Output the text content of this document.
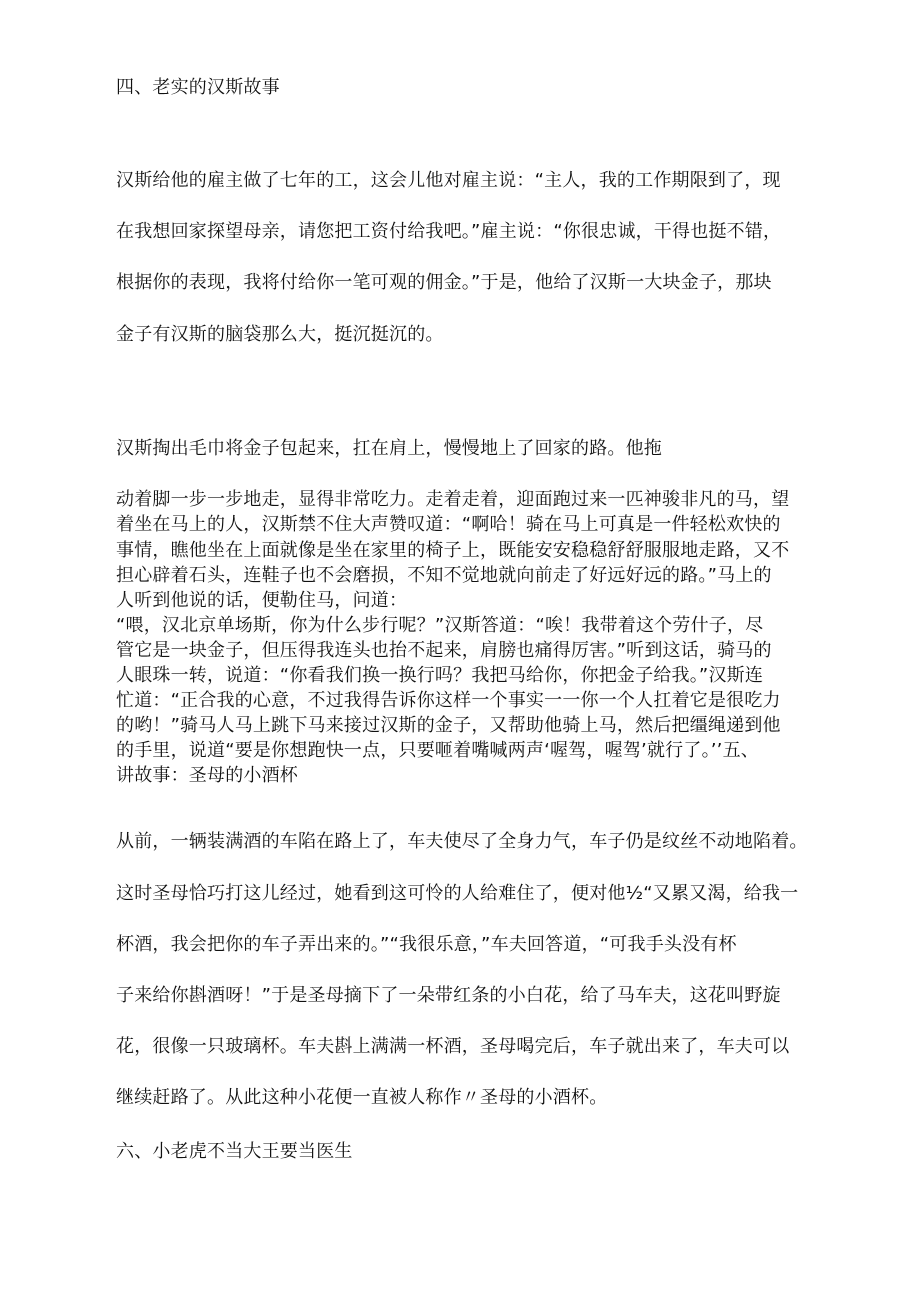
四、老实的汉斯故事
汉斯给他的雇主做了七年的工，这会儿他对雇主说：“主人，我的工作期限到了，现
在我想回家探望母亲，请您把工资付给我吧。”雇主说：“你很忠诚，干得也挺不错，
根据你的表现，我将付给你一笔可观的佣金。”于是，他给了汉斯一大块金子，那块
金子有汉斯的脑袋那么大，挺沉挺沉的。
汉斯掏出毛巾将金子包起来，扛在肩上，慢慢地上了回家的路。他拖
动着脚一步一步地走，显得非常吃力。走着走着，迎面跑过来一匹神骏非凡的马，望
着坐在马上的人，汉斯禁不住大声赞叹道：“啊哈！骑在马上可真是一件轻松欢快的
事情，瞧他坐在上面就像是坐在家里的椅子上，既能安安稳稳舒舒服服地走路，又不
担心辟着石头，连鞋子也不会磨损，不知不觉地就向前走了好远好远的路。”马上的
人听到他说的话，便勒住马，问道：
“喂，汉北京单场斯，你为什么步行呢？”汉斯答道：“唉！我带着这个劳什子，尽
管它是一块金子，但压得我连头也抬不起来，肩膀也痛得厉害。”听到这话，骑马的
人眼珠一转，说道：“你看我们换一换行吗？我把马给你，你把金子给我。”汉斯连
忙道：“正合我的心意，不过我得告诉你这样一个事实一一你一个人扛着它是很吃力
的哟！”骑马人马上跳下马来接过汉斯的金子，又帮助他骑上马，然后把缰绳递到他
的手里，说道“要是你想跑快一点，只要咂着嘴喊两声‘喔驾，喔驾’就行了。’’五、
讲故事：圣母的小酒杯
从前，一辆装满酒的车陷在路上了，车夫使尽了全身力气，车子仍是纹丝不动地陷着。
这时圣母恰巧打这儿经过，她看到这可怜的人给难住了，便对他½“又累又渴，给我一
杯酒，我会把你的车子弄出来的。”“我很乐意，”车夫回答道，“可我手头没有杯
子来给你斟酒呀！”于是圣母摘下了一朵带红条的小白花，给了马车夫，这花叫野旋
花，很像一只玻璃杯。车夫斟上满满一杯酒，圣母喝完后，车子就出来了，车夫可以
继续赶路了。从此这种小花便一直被人称作〃圣母的小酒杯。
六、小老虎不当大王要当医生
